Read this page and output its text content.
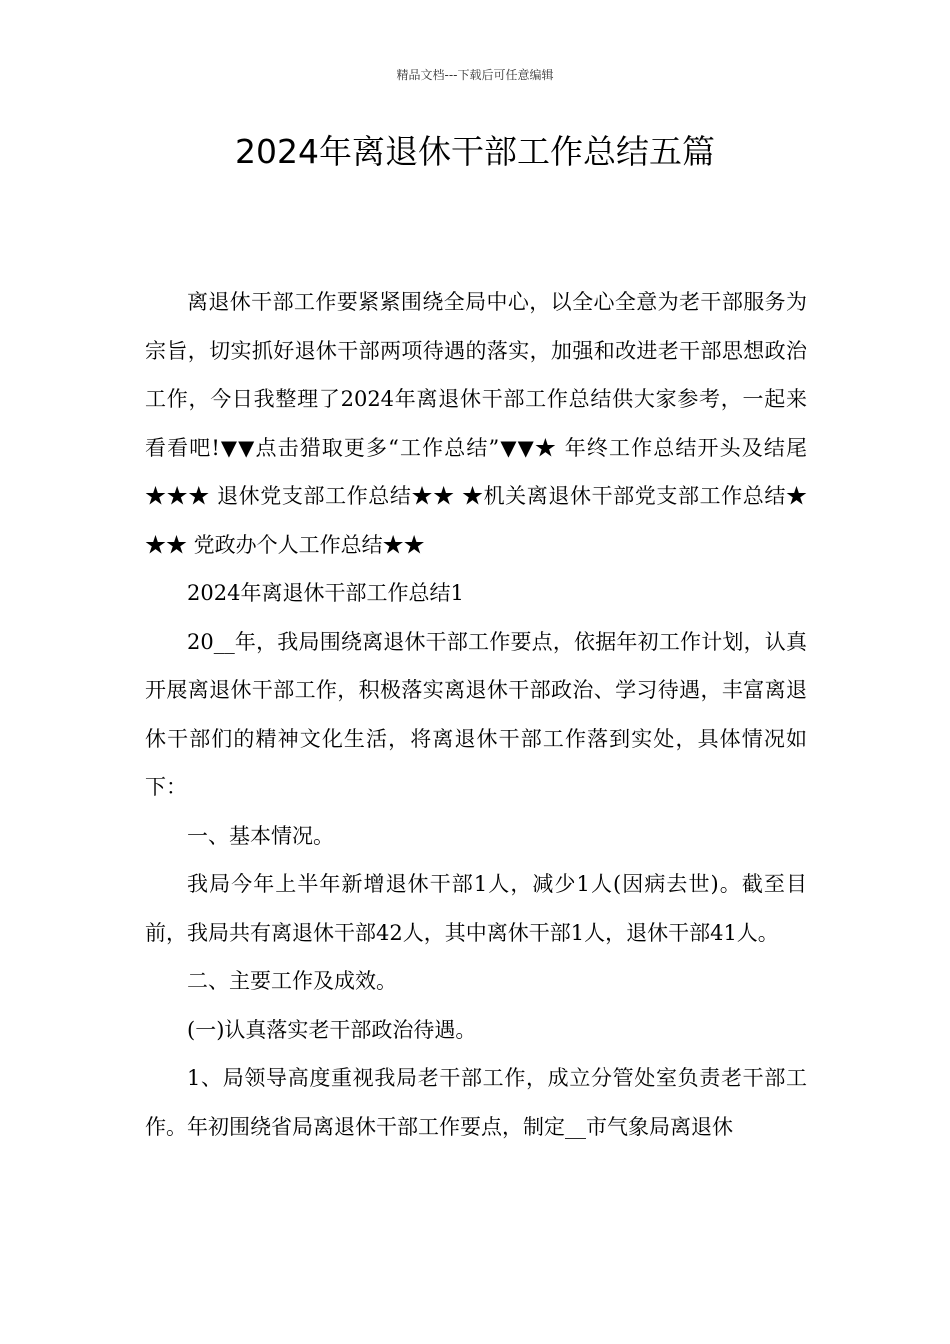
精品文档---下载后可任意编辑
2024年离退休干部工作总结五篇

离退休干部工作要紧紧围绕全局中心，以全心全意为老干部服务为宗旨，切实抓好退休干部两项待遇的落实，加强和改进老干部思想政治工作，今日我整理了2024年离退休干部工作总结供大家参考，一起来看看吧!▼▼点击猎取更多“工作总结”▼▼★ 年终工作总结开头及结尾 ★★★ 退休党支部工作总结★★ ★机关离退休干部党支部工作总结★ ★★ 党政办个人工作总结★★

2024年离退休干部工作总结1

20__年，我局围绕离退休干部工作要点，依据年初工作计划，认真开展离退休干部工作，积极落实离退休干部政治、学习待遇，丰富离退休干部们的精神文化生活，将离退休干部工作落到实处，具体情况如下：

一、基本情况。

我局今年上半年新增退休干部1人，减少1人(因病去世)。截至目前，我局共有离退休干部42人，其中离休干部1人，退休干部41人。

二、主要工作及成效。

(一)认真落实老干部政治待遇。

1、局领导高度重视我局老干部工作，成立分管处室负责老干部工作。年初围绕省局离退休干部工作要点，制定__市气象局离退休
